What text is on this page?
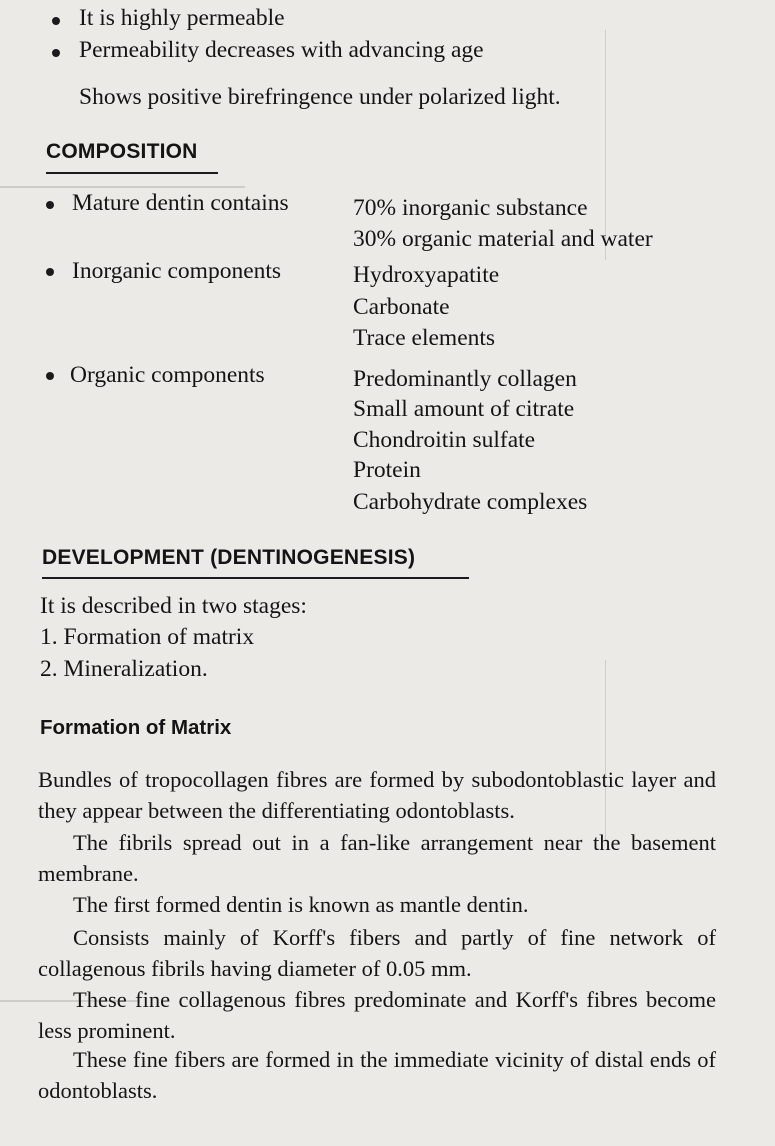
It is highly permeable
Permeability decreases with advancing age
Shows positive birefringence under polarized light.
COMPOSITION
Mature dentin contains	70% inorganic substance
30% organic material and water
Inorganic components	Hydroxyapatite
Carbonate
Trace elements
Organic components	Predominantly collagen
Small amount of citrate
Chondroitin sulfate
Protein
Carbohydrate complexes
DEVELOPMENT (DENTINOGENESIS)
It is described in two stages:
1. Formation of matrix
2. Mineralization.
Formation of Matrix
Bundles of tropocollagen fibres are formed by subodontoblastic layer and they appear between the differentiating odontoblasts.
The fibrils spread out in a fan-like arrangement near the basement membrane.
The first formed dentin is known as mantle dentin.
Consists mainly of Korff's fibers and partly of fine network of collagenous fibrils having diameter of 0.05 mm.
These fine collagenous fibres predominate and Korff's fibres become less prominent.
These fine fibers are formed in the immediate vicinity of distal ends of odontoblasts.
